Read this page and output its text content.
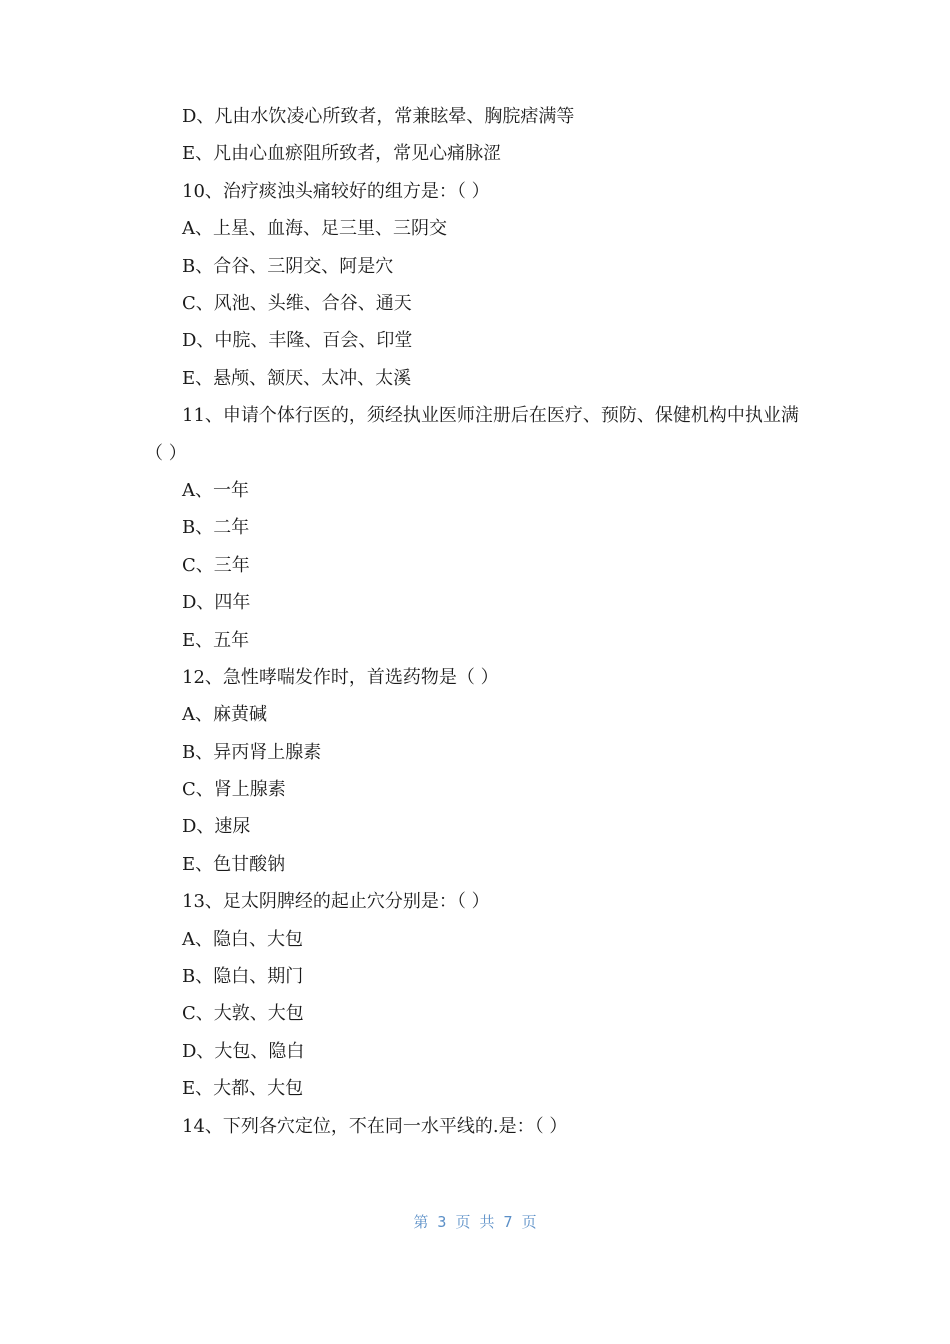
D、凡由水饮凌心所致者，常兼眩晕、胸脘痞满等
E、凡由心血瘀阻所致者，常见心痛脉涩
10、治疗痰浊头痛较好的组方是：（ ）
A、上星、血海、足三里、三阴交
B、合谷、三阴交、阿是穴
C、风池、头维、合谷、通天
D、中脘、丰隆、百会、印堂
E、悬颅、颔厌、太冲、太溪
11、申请个体行医的，须经执业医师注册后在医疗、预防、保健机构中执业满（ ）
A、一年
B、二年
C、三年
D、四年
E、五年
12、急性哮喘发作时，首选药物是（ ）
A、麻黄碱
B、异丙肾上腺素
C、肾上腺素
D、速尿
E、色甘酸钠
13、足太阴脾经的起止穴分别是：（ ）
A、隐白、大包
B、隐白、期门
C、大敦、大包
D、大包、隐白
E、大都、大包
14、下列各穴定位，不在同一水平线的.是：（ ）
第 3 页 共 7 页
